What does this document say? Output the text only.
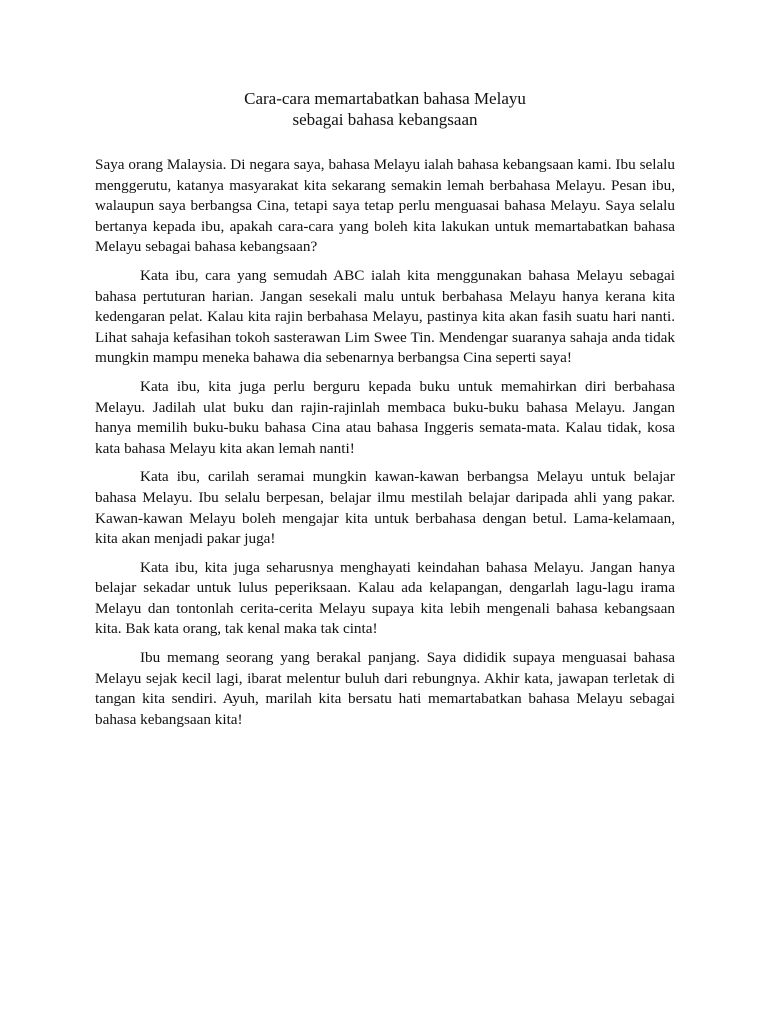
Cara-cara memartabatkan bahasa Melayu
sebagai bahasa kebangsaan

Saya orang Malaysia. Di negara saya, bahasa Melayu ialah bahasa kebangsaan kami. Ibu selalu menggerutu, katanya masyarakat kita sekarang semakin lemah berbahasa Melayu. Pesan ibu, walaupun saya berbangsa Cina, tetapi saya tetap perlu menguasai bahasa Melayu. Saya selalu bertanya kepada ibu, apakah cara-cara yang boleh kita lakukan untuk memartabatkan bahasa Melayu sebagai bahasa kebangsaan?

Kata ibu, cara yang semudah ABC ialah kita menggunakan bahasa Melayu sebagai bahasa pertuturan harian. Jangan sesekali malu untuk berbahasa Melayu hanya kerana kita kedengaran pelat. Kalau kita rajin berbahasa Melayu, pastinya kita akan fasih suatu hari nanti. Lihat sahaja kefasihan tokoh sasterawan Lim Swee Tin. Mendengar suaranya sahaja anda tidak mungkin mampu meneka bahawa dia sebenarnya berbangsa Cina seperti saya!

Kata ibu, kita juga perlu berguru kepada buku untuk memahirkan diri berbahasa Melayu. Jadilah ulat buku dan rajin-rajinlah membaca buku-buku bahasa Melayu. Jangan hanya memilih buku-buku bahasa Cina atau bahasa Inggeris semata-mata. Kalau tidak, kosa kata bahasa Melayu kita akan lemah nanti!

Kata ibu, carilah seramai mungkin kawan-kawan berbangsa Melayu untuk belajar bahasa Melayu. Ibu selalu berpesan, belajar ilmu mestilah belajar daripada ahli yang pakar. Kawan-kawan Melayu boleh mengajar kita untuk berbahasa dengan betul. Lama-kelamaan, kita akan menjadi pakar juga!

Kata ibu, kita juga seharusnya menghayati keindahan bahasa Melayu. Jangan hanya belajar sekadar untuk lulus peperiksaan. Kalau ada kelapangan, dengarlah lagu-lagu irama Melayu dan tontonlah cerita-cerita Melayu supaya kita lebih mengenali bahasa kebangsaan kita. Bak kata orang, tak kenal maka tak cinta!

Ibu memang seorang yang berakal panjang. Saya dididik supaya menguasai bahasa Melayu sejak kecil lagi, ibarat melentur buluh dari rebungnya. Akhir kata, jawapan terletak di tangan kita sendiri. Ayuh, marilah kita bersatu hati memartabatkan bahasa Melayu sebagai bahasa kebangsaan kita!
